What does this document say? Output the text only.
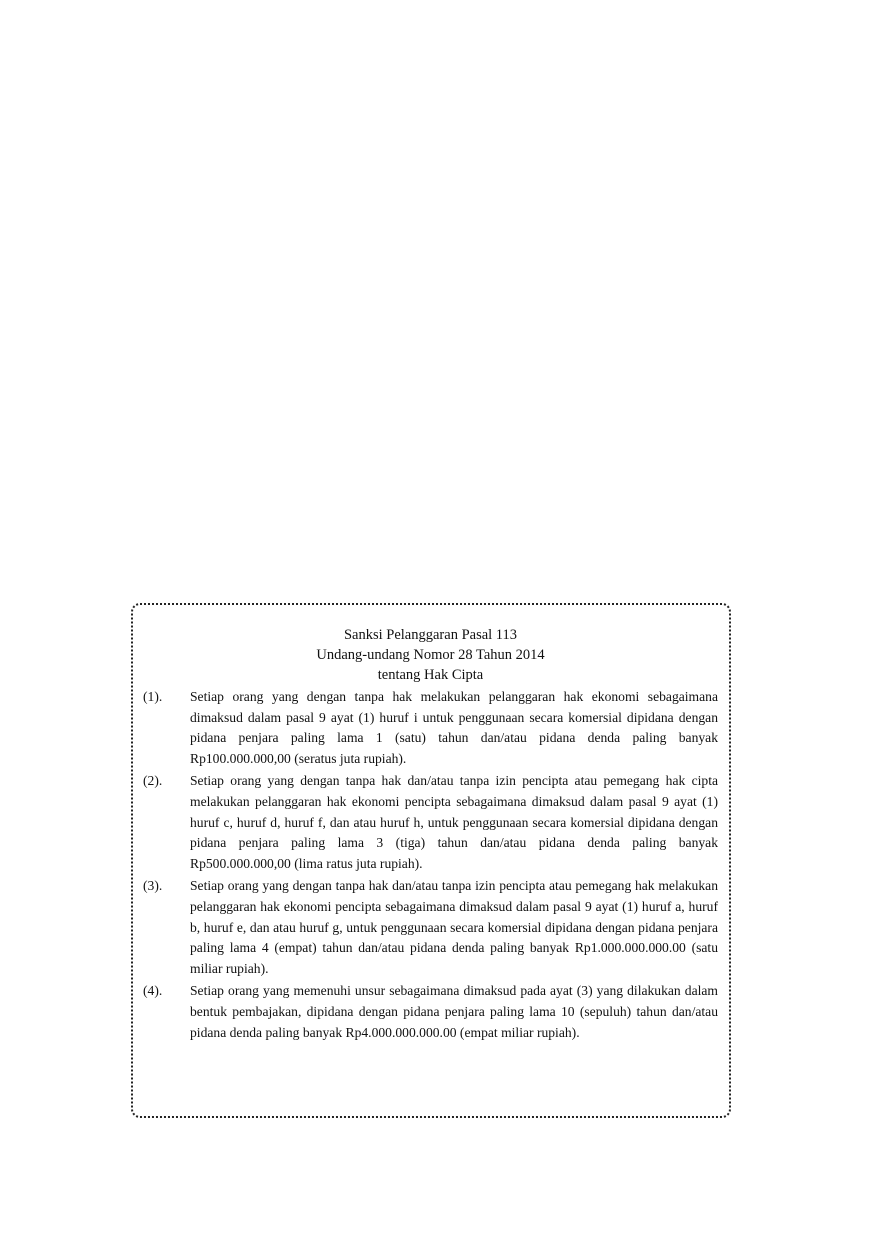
Sanksi Pelanggaran Pasal 113
Undang-undang Nomor 28 Tahun 2014
tentang Hak Cipta
(1).	Setiap orang yang dengan tanpa hak melakukan pelanggaran hak ekonomi sebagaimana dimaksud dalam pasal 9 ayat (1) huruf i untuk penggunaan secara komersial dipidana dengan pidana penjara paling lama 1 (satu) tahun dan/atau pidana denda paling banyak Rp100.000.000,00 (seratus juta rupiah).
(2).	Setiap orang yang dengan tanpa hak dan/atau tanpa izin pencipta atau pemegang hak cipta melakukan pelanggaran hak ekonomi pencipta sebagaimana dimaksud dalam pasal 9 ayat (1) huruf c, huruf d, huruf f, dan atau huruf h, untuk penggunaan secara komersial dipidana dengan pidana penjara paling lama 3 (tiga) tahun dan/atau pidana denda paling banyak Rp500.000.000,00 (lima ratus juta rupiah).
(3).	Setiap orang yang dengan tanpa hak dan/atau tanpa izin pencipta atau pemegang hak melakukan pelanggaran hak ekonomi pencipta sebagaimana dimaksud dalam pasal 9 ayat (1) huruf a, huruf b, huruf e, dan atau huruf g, untuk penggunaan secara komersial dipidana dengan pidana penjara paling lama 4 (empat) tahun dan/atau pidana denda paling banyak Rp1.000.000.000.00 (satu miliar rupiah).
(4).	Setiap orang yang memenuhi unsur sebagaimana dimaksud pada ayat (3) yang dilakukan dalam bentuk pembajakan, dipidana dengan pidana penjara paling lama 10 (sepuluh) tahun dan/atau pidana denda paling banyak Rp4.000.000.000.00 (empat miliar rupiah).
